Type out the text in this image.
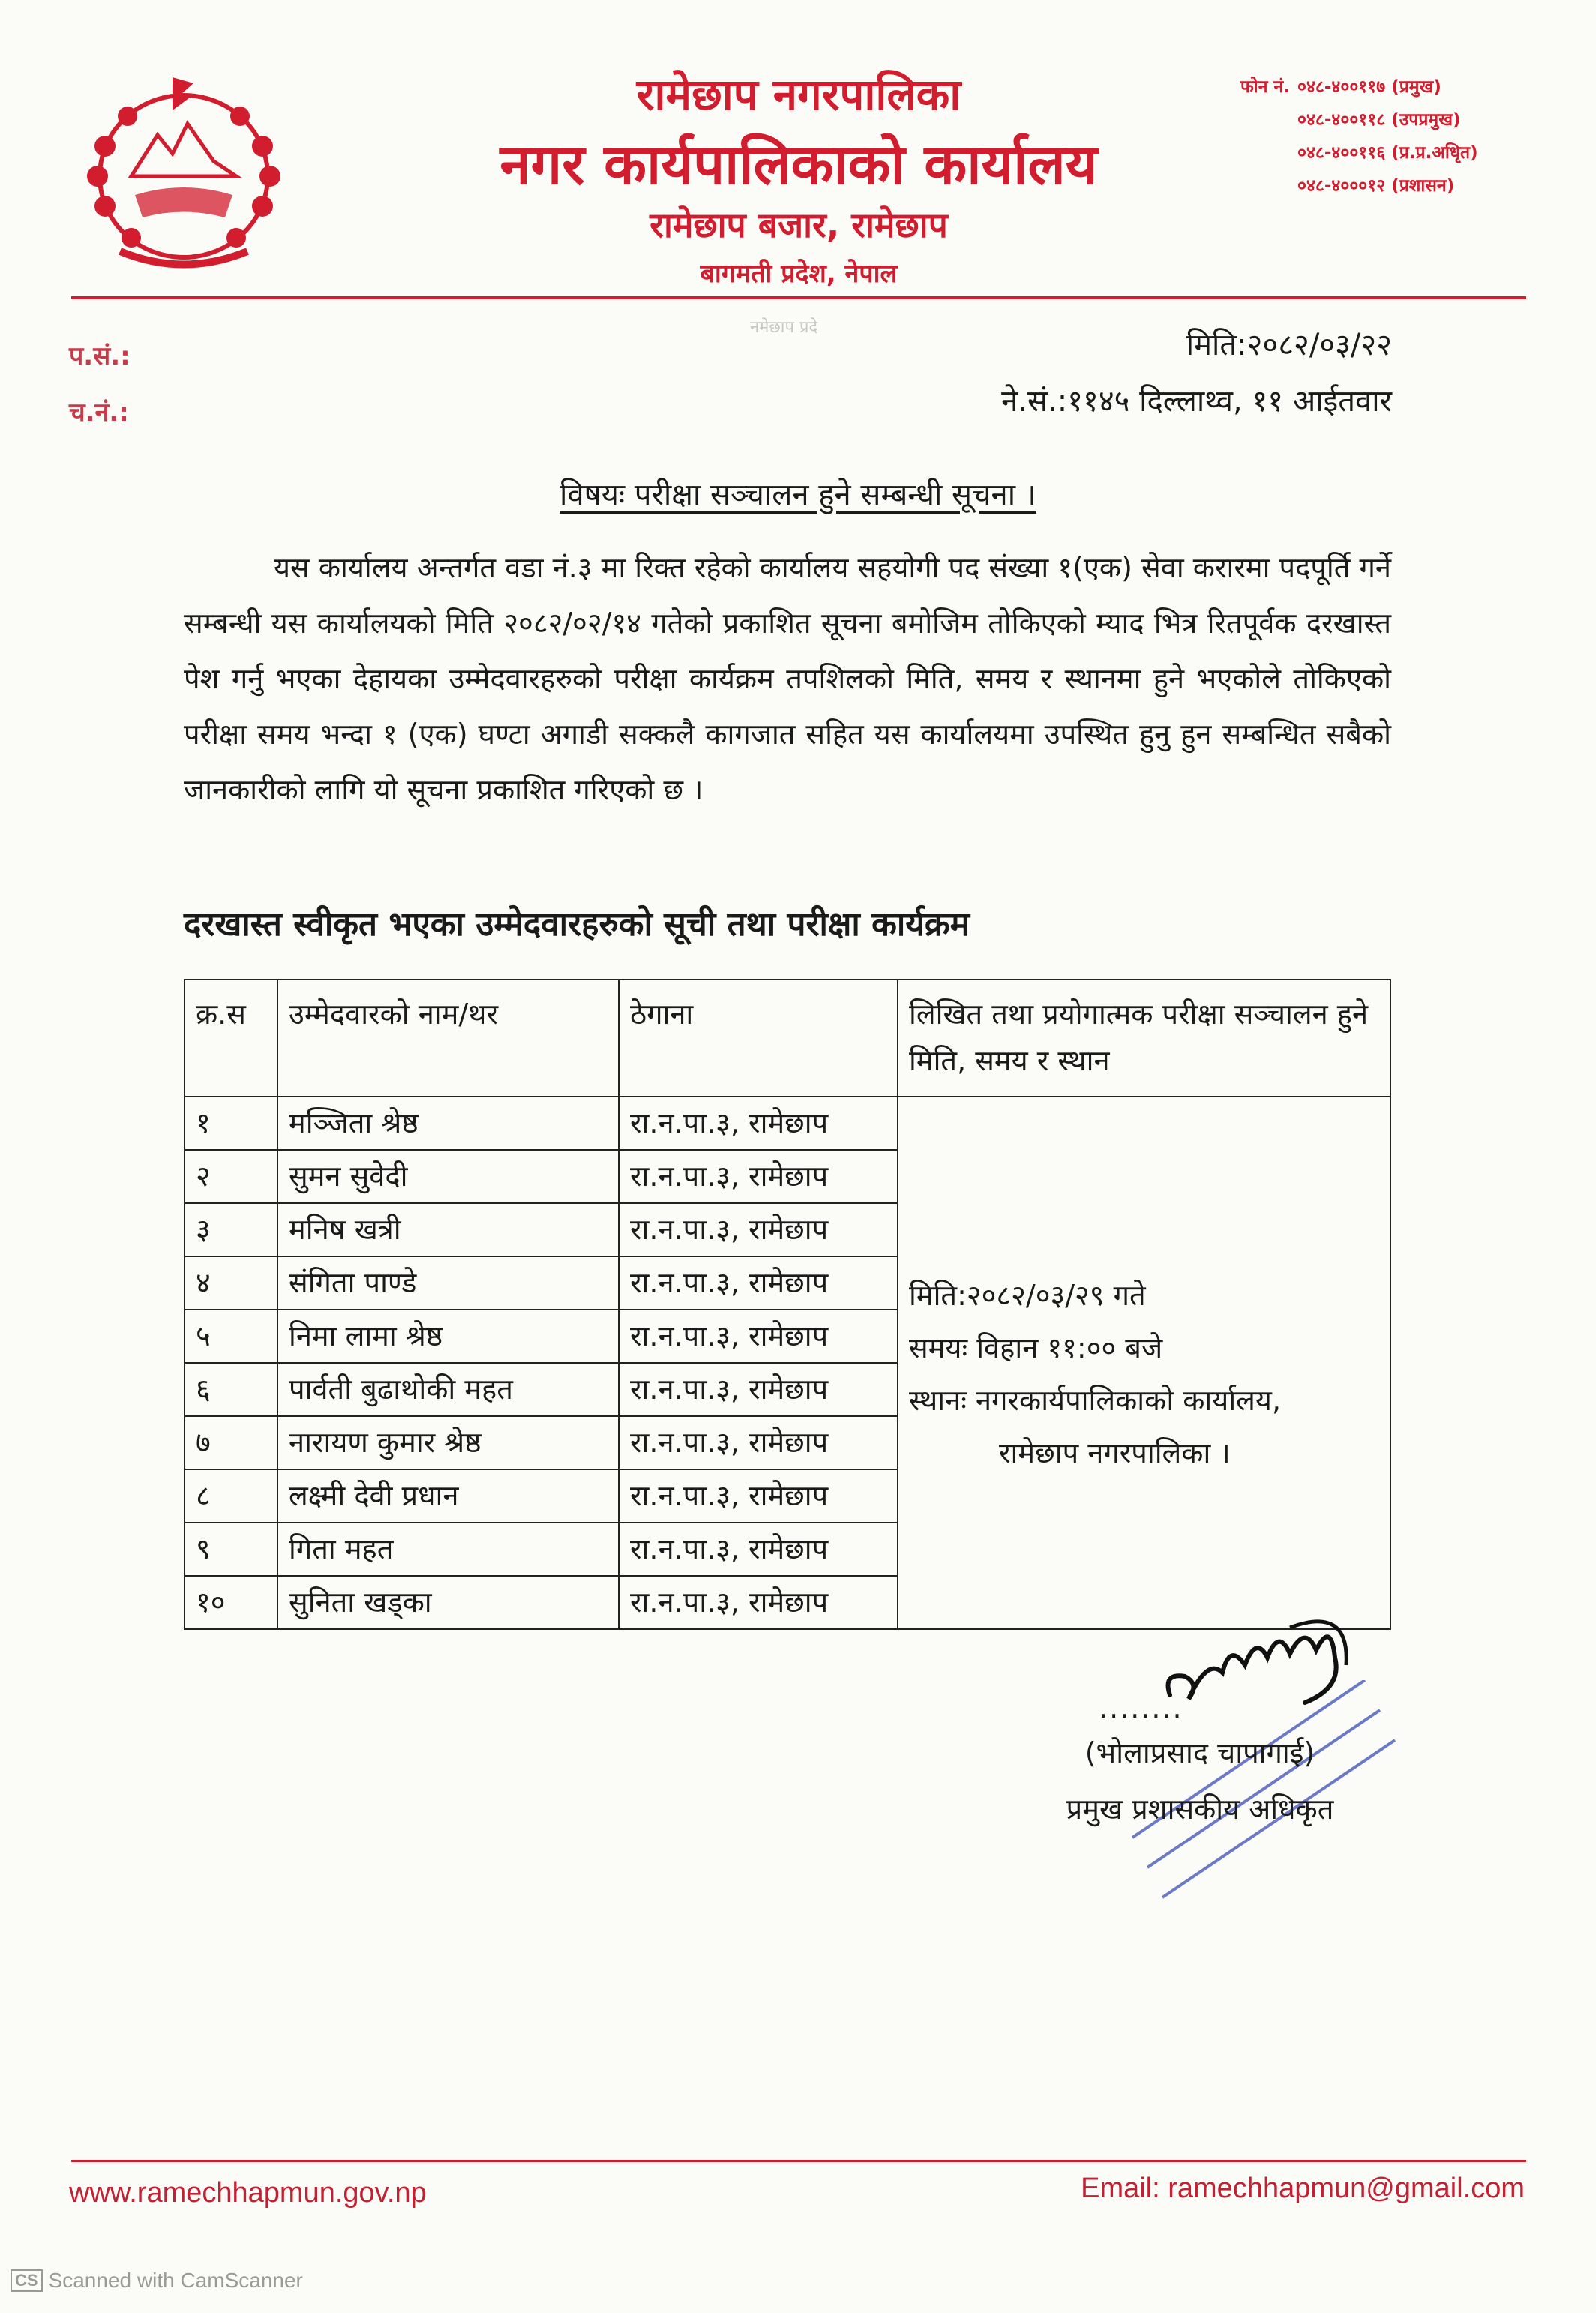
रामेछाप नगरपालिका
नगर कार्यपालिकाको कार्यालय
रामेछाप बजार, रामेछाप
बागमती प्रदेश, नेपाल
फोन नं. ०४८-४००११७ (प्रमुख)
०४८-४००११८ (उपप्रमुख)
०४८-४००११६ (प्र.प्र.अधिृत)
०४८-४०००१२ (प्रशासन)
नमेछाप प्रदे
प.सं.:
च.नं.:
मिति:२०८२/०३/२२
ने.सं.:११४५ दिल्लाथ्व, ११ आईतवार
विषयः परीक्षा सञ्चालन हुने सम्बन्धी सूचना ।
यस कार्यालय अन्तर्गत वडा नं.३ मा रिक्त रहेको कार्यालय सहयोगी पद संख्या १(एक) सेवा करारमा पदपूर्ति गर्ने सम्बन्धी यस कार्यालयको मिति २०८२/०२/१४ गतेको प्रकाशित सूचना बमोजिम तोकिएको म्याद भित्र रितपूर्वक दरखास्त पेश गर्नु भएका देहायका उम्मेदवारहरुको परीक्षा कार्यक्रम तपशिलको मिति, समय र स्थानमा हुने भएकोले तोकिएको परीक्षा समय भन्दा १ (एक) घण्टा अगाडी सक्कलै कागजात सहित यस कार्यालयमा उपस्थित हुनु हुन सम्बन्धित सबैको जानकारीको लागि यो सूचना प्रकाशित गरिएको छ ।
दरखास्त स्वीकृत भएका उम्मेदवारहरुको सूची तथा परीक्षा कार्यक्रम
क्र.स	उम्मेदवारको नाम/थर	ठेगाना	लिखित तथा प्रयोगात्मक परीक्षा सञ्चालन हुने मिति, समय र स्थान
१	मञ्जिता श्रेष्ठ	रा.न.पा.३, रामेछाप	मिति:२०८२/०३/२९ गते
समयः विहान ११:०० बजे
स्थानः नगरकार्यपालिकाको कार्यालय,
रामेछाप नगरपालिका ।

२	सुमन सुवेदी	रा.न.पा.३, रामेछाप	
३	मनिष खत्री	रा.न.पा.३, रामेछाप	
४	संगिता पाण्डे	रा.न.पा.३, रामेछाप	
५	निमा लामा श्रेष्ठ	रा.न.पा.३, रामेछाप	
६	पार्वती बुढाथोकी महत	रा.न.पा.३, रामेछाप	
७	नारायण कुमार श्रेष्ठ	रा.न.पा.३, रामेछाप	
८	लक्ष्मी देवी प्रधान	रा.न.पा.३, रामेछाप	
९	गिता महत	रा.न.पा.३, रामेछाप	
१०	सुनिता खड्का	रा.न.पा.३, रामेछाप	
........
(भोलाप्रसाद चापागाई)
प्रमुख प्रशासकीय अधिकृत
www.ramechhapmun.gov.np	Email: ramechhapmun@gmail.com
CS Scanned with CamScanner
